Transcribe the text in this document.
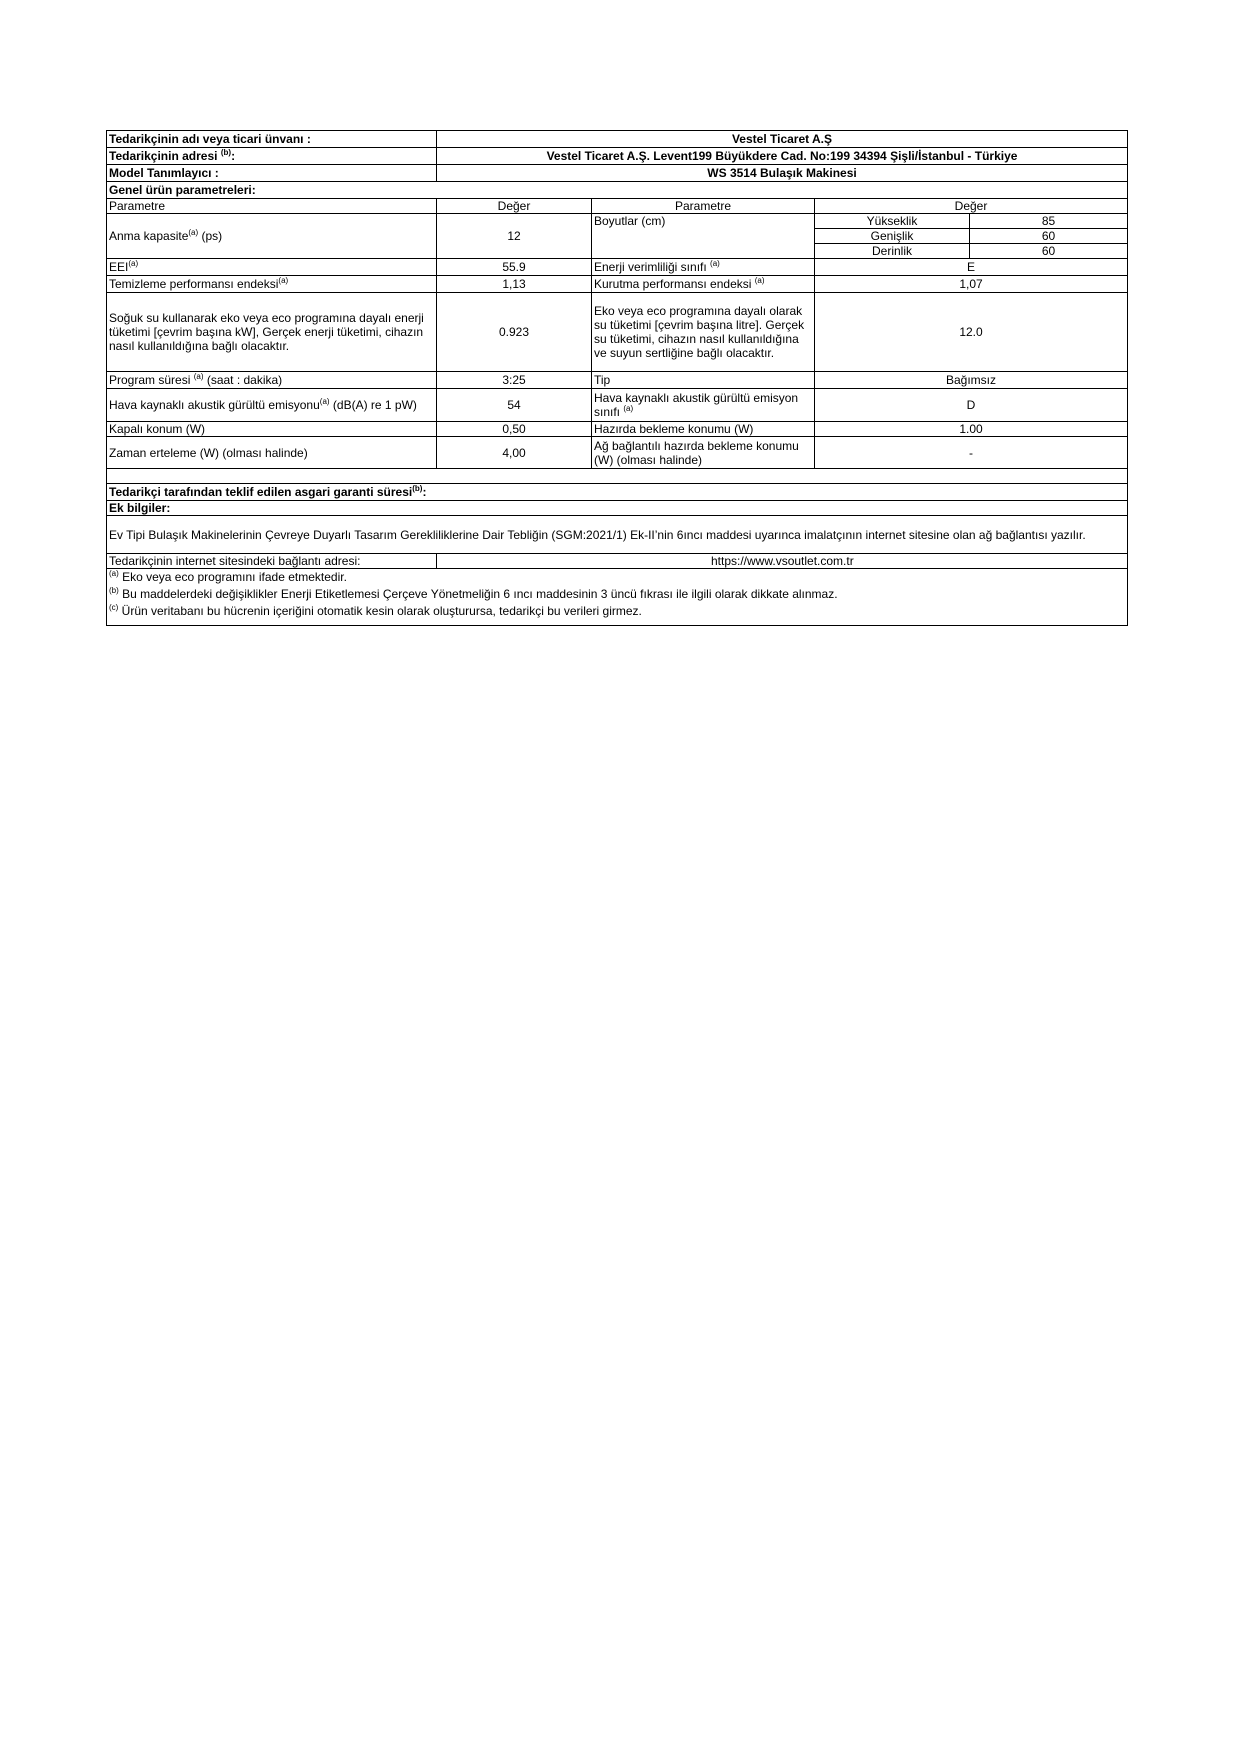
Tedarikçinin adı veya ticari ünvanı :	Vestel Ticaret A.Ş			
Tedarikçinin adresi $^{(b)}$:	Vestel Ticaret A.Ş. Levent199 Büyükdere Cad. No:199 34394 Şişli/İstanbul - Türkiye			
Model Tanımlayıcı :	WS 3514 Bulaşık Makinesi			
Genel ürün parametreleri:				
Parametre	Değer	Parametre	Değer	
Anma kapasite$^{(a)}$ (ps)	12	Boyutlar (cm)	Yükseklik	85
			Genişlik	60
			Derinlik	60
EEI$^{(a)}$	55.9	Enerji verimliliği sınıfı $^{(a)}$	E	
Temizleme performansı endeksi$^{(a)}$	1,13	Kurutma performansı endeksi $^{(a)}$	1,07	
Soğuk su kullanarak eko veya eco programına dayalı enerji tüketimi [çevrim başına kW], Gerçek enerji tüketimi, cihazın nasıl kullanıldığına bağlı olacaktır.	0.923	Eko veya eco programına dayalı olarak su tüketimi [çevrim başına litre]. Gerçek su tüketimi, cihazın nasıl kullanıldığına ve suyun sertliğine bağlı olacaktır.	12.0	
Program süresi $^{(a)}$ (saat : dakika)	3:25	Tip	Bağımsız	
Hava kaynaklı akustik gürültü emisyonu$^{(a)}$ (dB(A) re 1 pW)	54	Hava kaynaklı akustik gürültü emisyon sınıfı $^{(a)}$	D	
Kapalı konum (W)	0,50	Hazırda bekleme konumu (W)	1.00	
Zaman erteleme (W) (olması halinde)	4,00	Ağ bağlantılı hazırda bekleme konumu (W) (olması halinde)	-	

Tedarikçi tarafından teklif edilen asgari garanti süresi$^{(b)}$:				
Ek bilgiler:				
Ev Tipi Bulaşık Makinelerinin Çevreye Duyarlı Tasarım Gerekliliklerine Dair Tebliğin (SGM:2021/1) Ek-II’nin 6ıncı maddesi uyarınca imalatçının internet sitesine olan ağ bağlantısı yazılır.				
Tedarikçinin internet sitesindeki bağlantı adresi:	https://www.vsoutlet.com.tr			

$^{(a)}$ Eko veya eco programını ifade etmektedir.
$^{(b)}$ Bu maddelerdeki değişiklikler Enerji Etiketlemesi Çerçeve Yönetmeliğin 6 ıncı maddesinin 3 üncü fıkrası ile ilgili olarak dikkate alınmaz.
$^{(c)}$ Ürün veritabanı bu hücrenin içeriğini otomatik kesin olarak oluşturursa, tedarikçi bu verileri girmez.				
